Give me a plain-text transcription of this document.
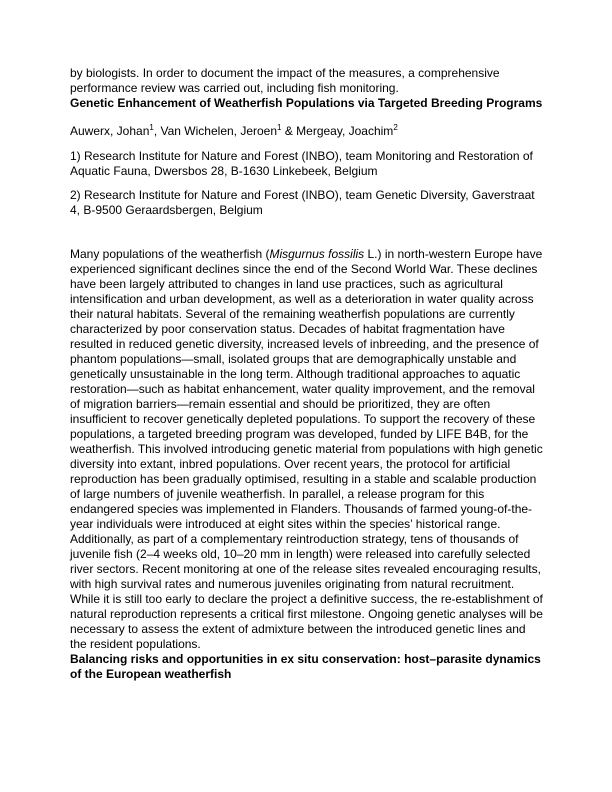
by biologists. In order to document the impact of the measures, a comprehensive performance review was carried out, including fish monitoring.

Genetic Enhancement of Weatherfish Populations via Targeted Breeding Programs

Auwerx, Johan$^1$, Van Wichelen, Jeroen$^1$ & Mergeay, Joachim$^2$

1) Research Institute for Nature and Forest (INBO), team Monitoring and Restoration of Aquatic Fauna, Dwersbos 28, B-1630 Linkebeek, Belgium

2) Research Institute for Nature and Forest (INBO), team Genetic Diversity, Gaverstraat 4, B-9500 Geraardsbergen, Belgium

Many populations of the weatherfish (Misgurnus fossilis L.) in north-western Europe have experienced significant declines since the end of the Second World War. These declines have been largely attributed to changes in land use practices, such as agricultural intensification and urban development, as well as a deterioration in water quality across their natural habitats. Several of the remaining weatherfish populations are currently characterized by poor conservation status. Decades of habitat fragmentation have resulted in reduced genetic diversity, increased levels of inbreeding, and the presence of phantom populations—small, isolated groups that are demographically unstable and genetically unsustainable in the long term. Although traditional approaches to aquatic restoration—such as habitat enhancement, water quality improvement, and the removal of migration barriers—remain essential and should be prioritized, they are often insufficient to recover genetically depleted populations. To support the recovery of these populations, a targeted breeding program was developed, funded by LIFE B4B, for the weatherfish. This involved introducing genetic material from populations with high genetic diversity into extant, inbred populations. Over recent years, the protocol for artificial reproduction has been gradually optimised, resulting in a stable and scalable production of large numbers of juvenile weatherfish. In parallel, a release program for this endangered species was implemented in Flanders. Thousands of farmed young-of-the-year individuals were introduced at eight sites within the species’ historical range. Additionally, as part of a complementary reintroduction strategy, tens of thousands of juvenile fish (2–4 weeks old, 10–20 mm in length) were released into carefully selected river sectors. Recent monitoring at one of the release sites revealed encouraging results, with high survival rates and numerous juveniles originating from natural recruitment. While it is still too early to declare the project a definitive success, the re-establishment of natural reproduction represents a critical first milestone. Ongoing genetic analyses will be necessary to assess the extent of admixture between the introduced genetic lines and the resident populations.

Balancing risks and opportunities in ex situ conservation: host–parasite dynamics of the European weatherfish
